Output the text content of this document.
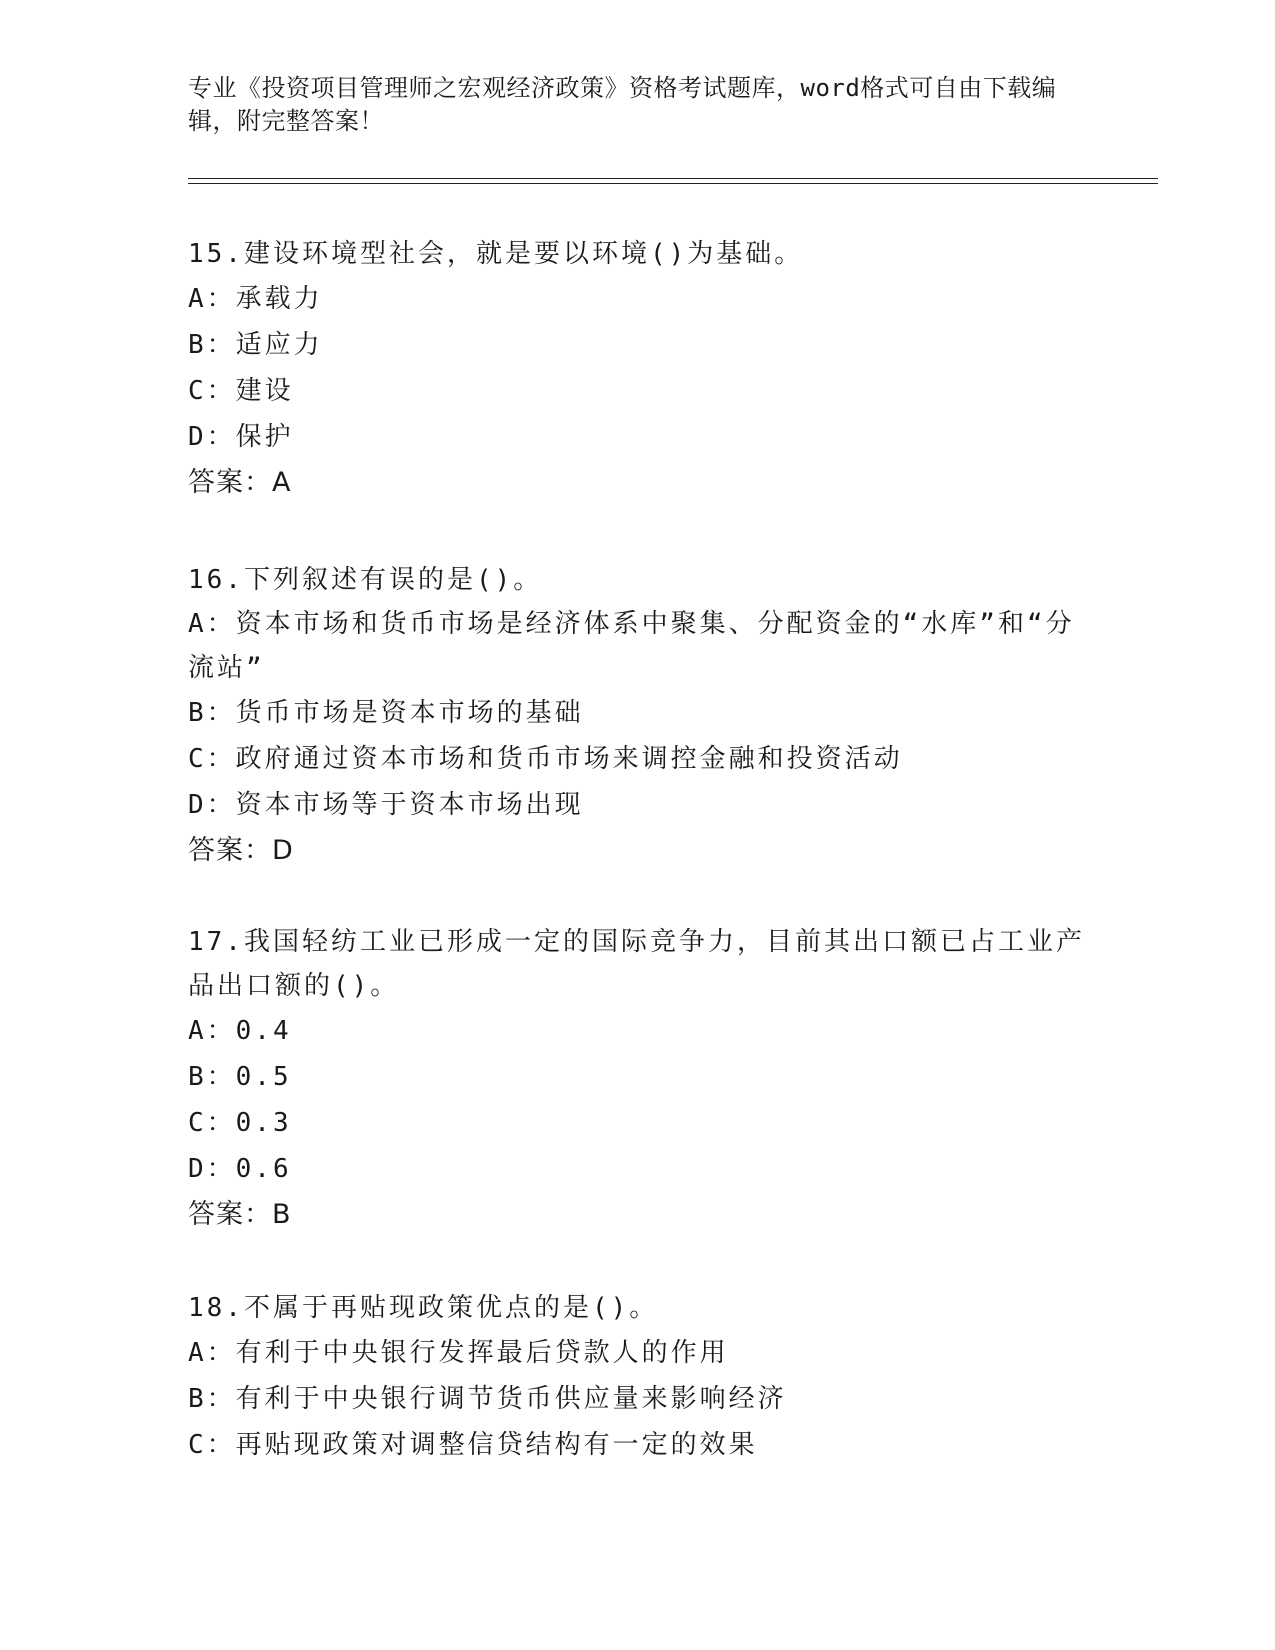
专业《投资项目管理师之宏观经济政策》资格考试题库，word格式可自由下载编辑，附完整答案！

15.建设环境型社会，就是要以环境()为基础。

A：承载力

B：适应力

C：建设

D：保护

答案：A

16.下列叙述有误的是()。

A：资本市场和货币市场是经济体系中聚集、分配资金的“水库”和“分流站”

B：货币市场是资本市场的基础

C：政府通过资本市场和货币市场来调控金融和投资活动

D：资本市场等于资本市场出现

答案：D

17.我国轻纺工业已形成一定的国际竞争力，目前其出口额已占工业产品出口额的()。

A：0.4

B：0.5

C：0.3

D：0.6

答案：B

18.不属于再贴现政策优点的是()。

A：有利于中央银行发挥最后贷款人的作用

B：有利于中央银行调节货币供应量来影响经济

C：再贴现政策对调整信贷结构有一定的效果
